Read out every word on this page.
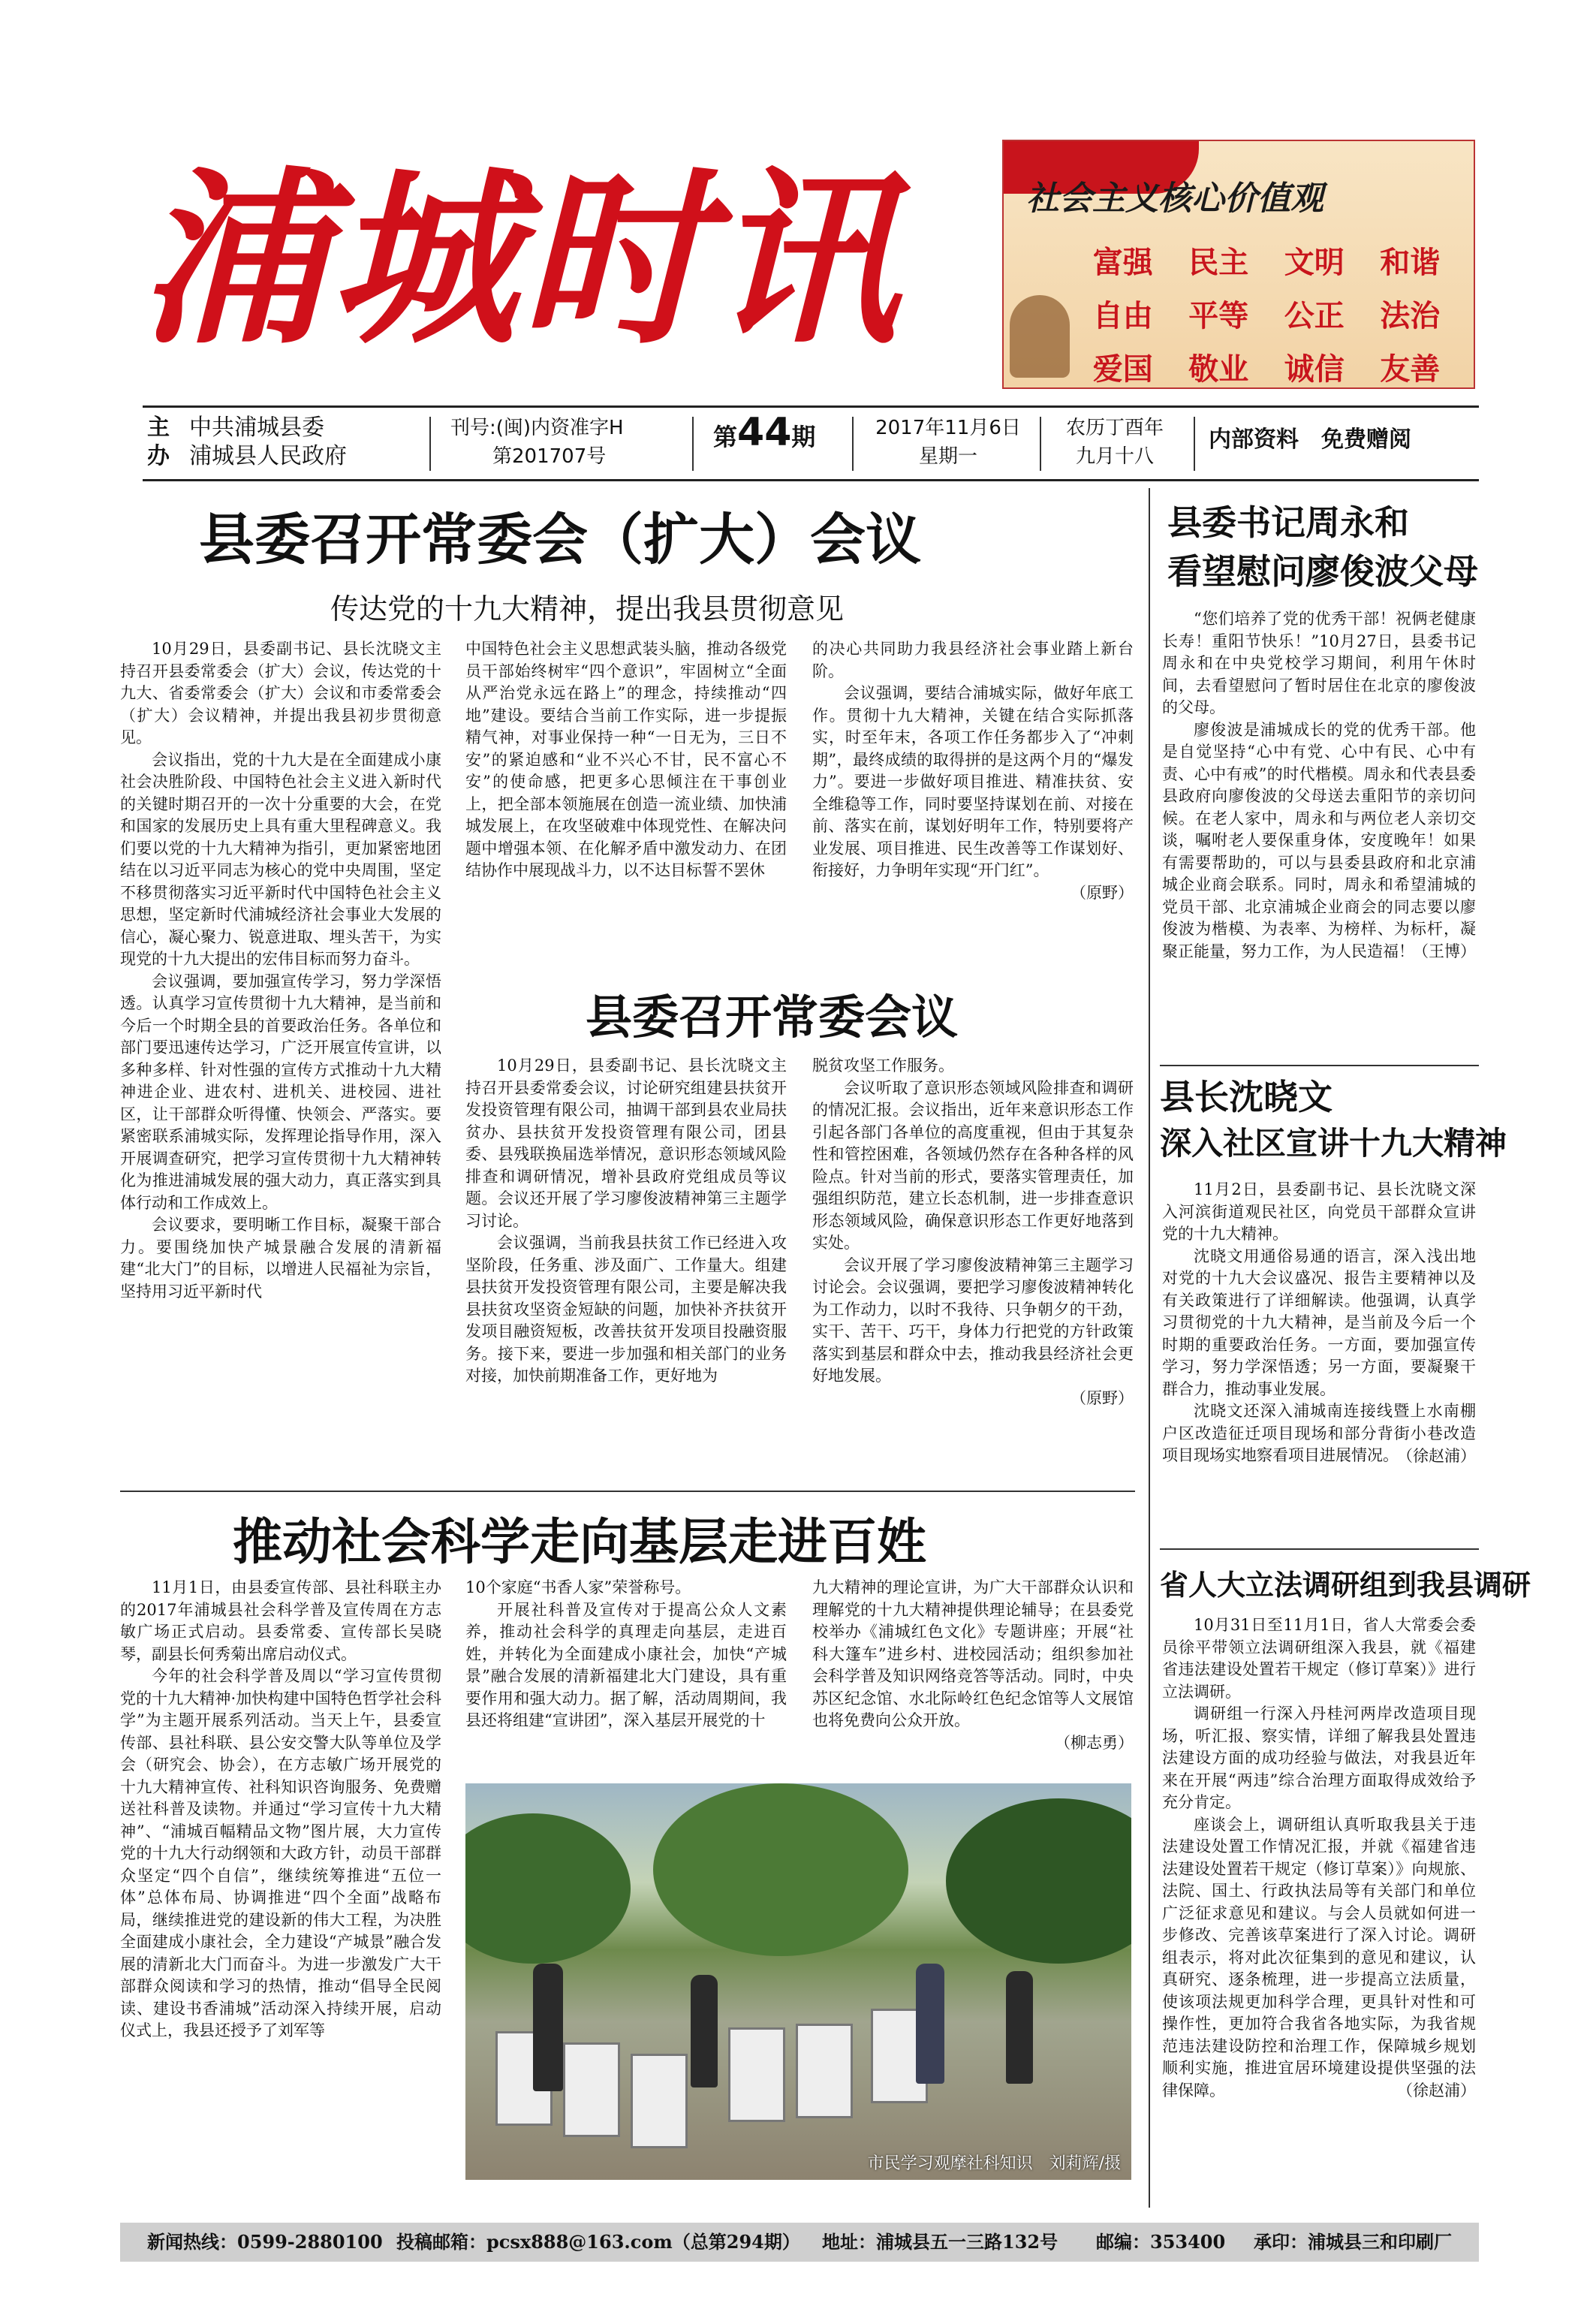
浦城时讯	社会主义核心价值观
富强	民主	文明	和谐
自由	平等	公正	法治
爱国	敬业	诚信	友善
主
办
中共浦城县委
浦城县人民政府
刊号:(闽)内资准字H
第201707号
第44期	2017年11月6日
星期一
农历丁酉年
九月十八
内部资料　免费赠阅
县委召开常委会（扩大）会议
传达党的十九大精神，提出我县贯彻意见

10月29日，县委副书记、县长沈晓文主持召开县委常委会（扩大）会议，传达党的十九大、省委常委会（扩大）会议和市委常委会（扩大）会议精神，并提出我县初步贯彻意见。

会议指出，党的十九大是在全面建成小康社会决胜阶段、中国特色社会主义进入新时代的关键时期召开的一次十分重要的大会，在党和国家的发展历史上具有重大里程碑意义。我们要以党的十九大精神为指引，更加紧密地团结在以习近平同志为核心的党中央周围，坚定不移贯彻落实习近平新时代中国特色社会主义思想，坚定新时代浦城经济社会事业大发展的信心，凝心聚力、锐意进取、埋头苦干，为实现党的十九大提出的宏伟目标而努力奋斗。

会议强调，要加强宣传学习，努力学深悟透。认真学习宣传贯彻十九大精神，是当前和今后一个时期全县的首要政治任务。各单位和部门要迅速传达学习，广泛开展宣传宣讲，以多种多样、针对性强的宣传方式推动十九大精神进企业、进农村、进机关、进校园、进社区，让干部群众听得懂、快领会、严落实。要紧密联系浦城实际，发挥理论指导作用，深入开展调查研究，把学习宣传贯彻十九大精神转化为推进浦城发展的强大动力，真正落实到具体行动和工作成效上。

会议要求，要明晰工作目标，凝聚干部合力。要围绕加快产城景融合发展的清新福建“北大门”的目标，以增进人民福祉为宗旨，坚持用习近平新时代

中国特色社会主义思想武装头脑，推动各级党员干部始终树牢“四个意识”，牢固树立“全面从严治党永远在路上”的理念，持续推动“四地”建设。要结合当前工作实际，进一步提振精气神，对事业保持一种“一日无为，三日不安”的紧迫感和“业不兴心不甘，民不富心不安”的使命感，把更多心思倾注在干事创业上，把全部本领施展在创造一流业绩、加快浦城发展上，在攻坚破难中体现党性、在解决问题中增强本领、在化解矛盾中激发动力、在团结协作中展现战斗力，以不达目标誓不罢休

的决心共同助力我县经济社会事业踏上新台阶。

会议强调，要结合浦城实际，做好年底工作。贯彻十九大精神，关键在结合实际抓落实，时至年末，各项工作任务都步入了“冲刺期”，最终成绩的取得拼的是这两个月的“爆发力”。要进一步做好项目推进、精准扶贫、安全维稳等工作，同时要坚持谋划在前、对接在前、落实在前，谋划好明年工作，特别要将产业发展、项目推进、民生改善等工作谋划好、衔接好，力争明年实现“开门红”。

（原野）
县委召开常委会议

10月29日，县委副书记、县长沈晓文主持召开县委常委会议，讨论研究组建县扶贫开发投资管理有限公司，抽调干部到县农业局扶贫办、县扶贫开发投资管理有限公司，团县委、县残联换届选举情况，意识形态领域风险排查和调研情况，增补县政府党组成员等议题。会议还开展了学习廖俊波精神第三主题学习讨论。

会议强调，当前我县扶贫工作已经进入攻坚阶段，任务重、涉及面广、工作量大。组建县扶贫开发投资管理有限公司，主要是解决我县扶贫攻坚资金短缺的问题，加快补齐扶贫开发项目融资短板，改善扶贫开发项目投融资服务。接下来，要进一步加强和相关部门的业务对接，加快前期准备工作，更好地为

脱贫攻坚工作服务。

会议听取了意识形态领域风险排查和调研的情况汇报。会议指出，近年来意识形态工作引起各部门各单位的高度重视，但由于其复杂性和管控困难，各领域仍然存在各种各样的风险点。针对当前的形式，要落实管理责任，加强组织防范，建立长态机制，进一步排查意识形态领域风险，确保意识形态工作更好地落到实处。

会议开展了学习廖俊波精神第三主题学习讨论会。会议强调，要把学习廖俊波精神转化为工作动力，以时不我待、只争朝夕的干劲，实干、苦干、巧干，身体力行把党的方针政策落实到基层和群众中去，推动我县经济社会更好地发展。

（原野）
推动社会科学走向基层走进百姓

11月1日，由县委宣传部、县社科联主办的2017年浦城县社会科学普及宣传周在方志敏广场正式启动。县委常委、宣传部长吴晓琴，副县长何秀菊出席启动仪式。

今年的社会科学普及周以“学习宣传贯彻党的十九大精神·加快构建中国特色哲学社会科学”为主题开展系列活动。当天上午，县委宣传部、县社科联、县公安交警大队等单位及学会（研究会、协会），在方志敏广场开展党的十九大精神宣传、社科知识咨询服务、免费赠送社科普及读物。并通过“学习宣传十九大精神”、“浦城百幅精品文物”图片展，大力宣传党的十九大行动纲领和大政方针，动员干部群众坚定“四个自信”，继续统筹推进“五位一体”总体布局、协调推进“四个全面”战略布局，继续推进党的建设新的伟大工程，为决胜全面建成小康社会，全力建设“产城景”融合发展的清新北大门而奋斗。为进一步激发广大干部群众阅读和学习的热情，推动“倡导全民阅读、建设书香浦城”活动深入持续开展，启动仪式上，我县还授予了刘军等

10个家庭“书香人家”荣誉称号。

开展社科普及宣传对于提高公众人文素养，推动社会科学的真理走向基层，走进百姓，并转化为全面建成小康社会，加快“产城景”融合发展的清新福建北大门建设，具有重要作用和强大动力。据了解，活动周期间，我县还将组建“宣讲团”，深入基层开展党的十

九大精神的理论宣讲，为广大干部群众认识和理解党的十九大精神提供理论辅导；在县委党校举办《浦城红色文化》专题讲座；开展“社科大篷车”进乡村、进校园活动；组织参加社会科学普及知识网络竞答等活动。同时，中央苏区纪念馆、水北际岭红色纪念馆等人文展馆也将免费向公众开放。

（柳志勇）
市民学习观摩社科知识　刘莉辉/摄
县委书记周永和
看望慰问廖俊波父母

“您们培养了党的优秀干部！祝俩老健康长寿！重阳节快乐！”10月27日，县委书记周永和在中央党校学习期间，利用午休时间，去看望慰问了暂时居住在北京的廖俊波的父母。

廖俊波是浦城成长的党的优秀干部。他是自觉坚持“心中有党、心中有民、心中有责、心中有戒”的时代楷模。周永和代表县委县政府向廖俊波的父母送去重阳节的亲切问候。在老人家中，周永和与两位老人亲切交谈，嘱咐老人要保重身体，安度晚年！如果有需要帮助的，可以与县委县政府和北京浦城企业商会联系。同时，周永和希望浦城的党员干部、北京浦城企业商会的同志要以廖俊波为楷模、为表率、为榜样、为标杆，凝聚正能量，努力工作，为人民造福！

（王博）
县长沈晓文
深入社区宣讲十九大精神

11月2日，县委副书记、县长沈晓文深入河滨街道观民社区，向党员干部群众宣讲党的十九大精神。

沈晓文用通俗易通的语言，深入浅出地对党的十九大会议盛况、报告主要精神以及有关政策进行了详细解读。他强调，认真学习贯彻党的十九大精神，是当前及今后一个时期的重要政治任务。一方面，要加强宣传学习，努力学深悟透；另一方面，要凝聚干群合力，推动事业发展。

沈晓文还深入浦城南连接线暨上水南棚户区改造征迁项目现场和部分背街小巷改造项目现场实地察看项目进展情况。

（徐赵浦）
省人大立法调研组到我县调研

10月31日至11月1日，省人大常委会委员徐平带领立法调研组深入我县，就《福建省违法建设处置若干规定（修订草案）》进行立法调研。

调研组一行深入丹桂河两岸改造项目现场，听汇报、察实情，详细了解我县处置违法建设方面的成功经验与做法，对我县近年来在开展“两违”综合治理方面取得成效给予充分肯定。

座谈会上，调研组认真听取我县关于违法建设处置工作情况汇报，并就《福建省违法建设处置若干规定（修订草案）》向规旅、法院、国土、行政执法局等有关部门和单位广泛征求意见和建议。与会人员就如何进一步修改、完善该草案进行了深入讨论。调研组表示，将对此次征集到的意见和建议，认真研究、逐条梳理，进一步提高立法质量，使该项法规更加科学合理，更具针对性和可操作性，更加符合我省各地实际，为我省规范违法建设防控和治理工作，保障城乡规划顺利实施，推进宜居环境建设提供坚强的法律保障。	（徐赵浦）
新闻热线：0599-2880100 投稿邮箱：pcsx888@163.com（总第294期） 地址：浦城县五一三路132号 邮编：353400 承印：浦城县三和印刷厂
